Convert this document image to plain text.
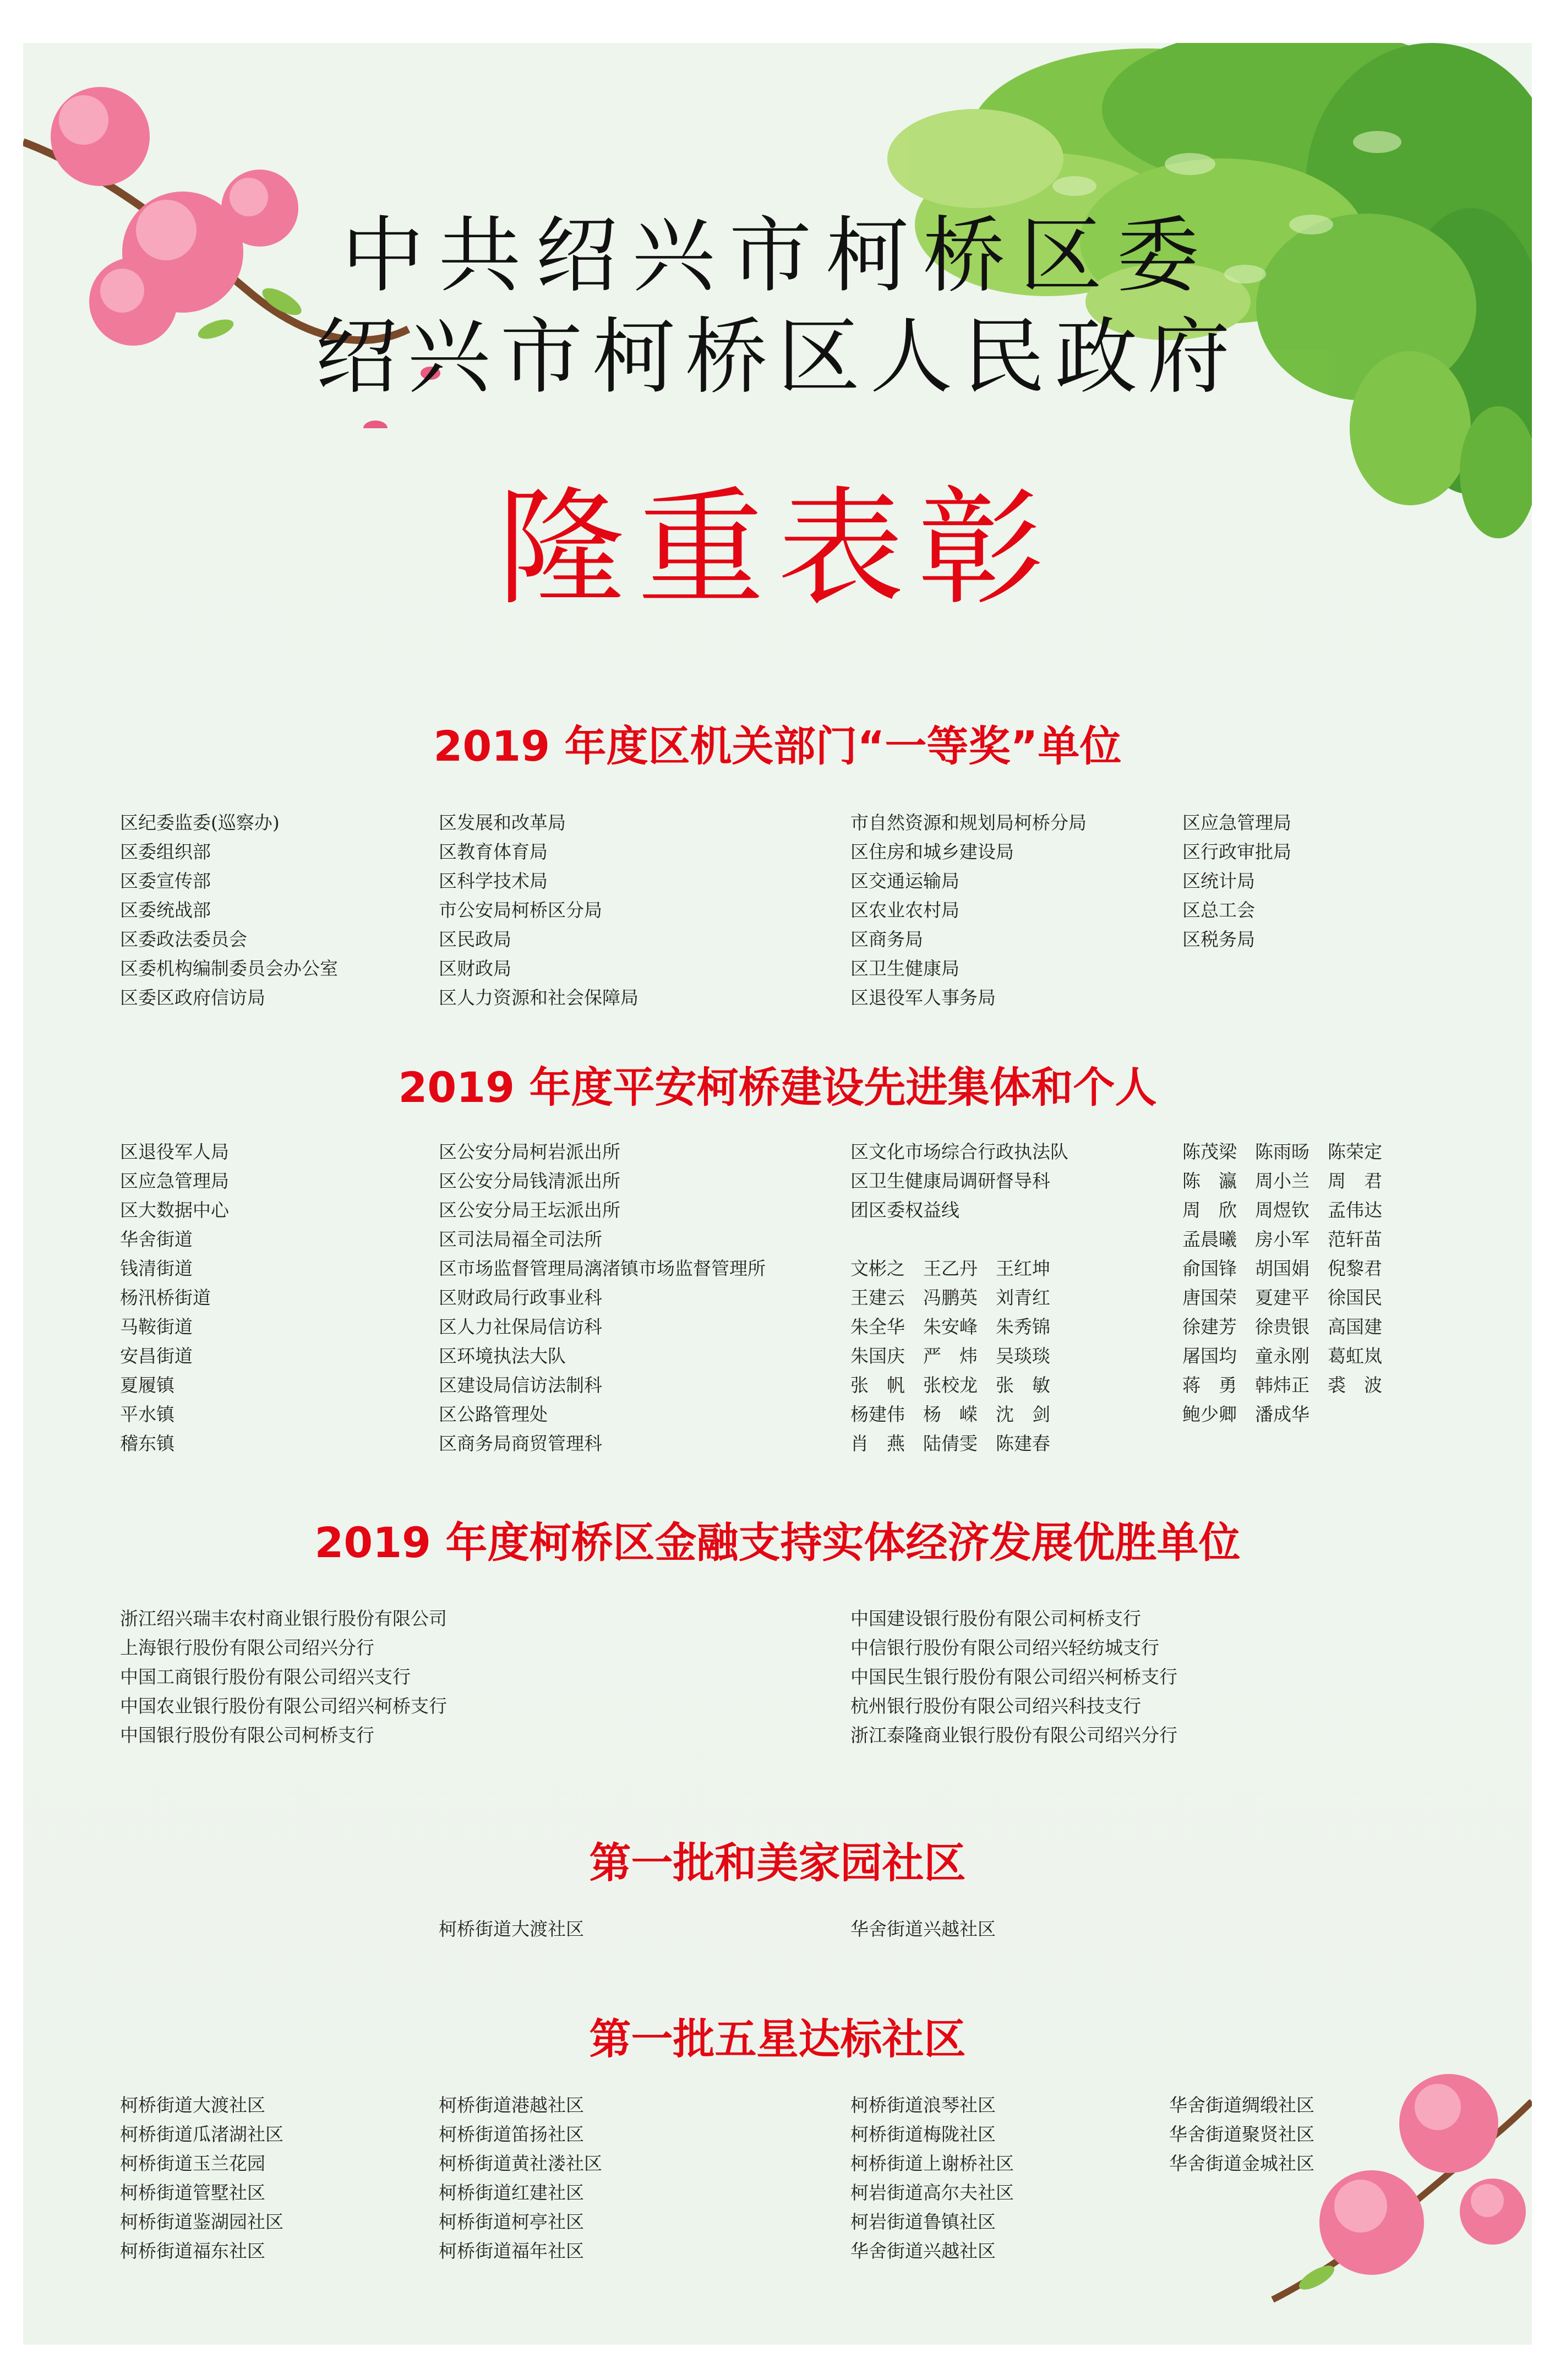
中共绍兴市柯桥区委
绍兴市柯桥区人民政府
隆重表彰
2019 年度区机关部门“一等奖”单位
区纪委监委(巡察办)
区委组织部
区委宣传部
区委统战部
区委政法委员会
区委机构编制委员会办公室
区委区政府信访局
区发展和改革局
区教育体育局
区科学技术局
市公安局柯桥区分局
区民政局
区财政局
区人力资源和社会保障局
市自然资源和规划局柯桥分局
区住房和城乡建设局
区交通运输局
区农业农村局
区商务局
区卫生健康局
区退役军人事务局
区应急管理局
区行政审批局
区统计局
区总工会
区税务局
2019 年度平安柯桥建设先进集体和个人
区退役军人局
区应急管理局
区大数据中心
华舍街道
钱清街道
杨汛桥街道
马鞍街道
安昌街道
夏履镇
平水镇
稽东镇
区公安分局柯岩派出所
区公安分局钱清派出所
区公安分局王坛派出所
区司法局福全司法所
区市场监督管理局漓渚镇市场监督管理所
区财政局行政事业科
区人力社保局信访科
区环境执法大队
区建设局信访法制科
区公路管理处
区商务局商贸管理科
区文化市场综合行政执法队
区卫生健康局调研督导科
团区委权益线
文彬之　王乙丹　王红坤
王建云　冯鹏英　刘青红
朱全华　朱安峰　朱秀锦
朱国庆　严　炜　吴琰琰
张　帆　张校龙　张　敏
杨建伟　杨　嵘　沈　剑
肖　燕　陆倩雯　陈建春
陈茂梁　陈雨旸　陈荣定
陈　瀛　周小兰　周　君
周　欣　周煜钦　孟伟达
孟晨曦　房小军　范轩苗
俞国锋　胡国娟　倪黎君
唐国荣　夏建平　徐国民
徐建芳　徐贵银　高国建
屠国均　童永刚　葛虹岚
蒋　勇　韩炜正　裘　波
鲍少卿　潘成华
2019 年度柯桥区金融支持实体经济发展优胜单位
浙江绍兴瑞丰农村商业银行股份有限公司
上海银行股份有限公司绍兴分行
中国工商银行股份有限公司绍兴支行
中国农业银行股份有限公司绍兴柯桥支行
中国银行股份有限公司柯桥支行
中国建设银行股份有限公司柯桥支行
中信银行股份有限公司绍兴轻纺城支行
中国民生银行股份有限公司绍兴柯桥支行
杭州银行股份有限公司绍兴科技支行
浙江泰隆商业银行股份有限公司绍兴分行
第一批和美家园社区
柯桥街道大渡社区	华舍街道兴越社区
第一批五星达标社区
柯桥街道大渡社区
柯桥街道瓜渚湖社区
柯桥街道玉兰花园
柯桥街道管墅社区
柯桥街道鉴湖园社区
柯桥街道福东社区
柯桥街道港越社区
柯桥街道笛扬社区
柯桥街道黄社溇社区
柯桥街道红建社区
柯桥街道柯亭社区
柯桥街道福年社区
柯桥街道浪琴社区
柯桥街道梅陇社区
柯桥街道上谢桥社区
柯岩街道高尔夫社区
柯岩街道鲁镇社区
华舍街道兴越社区
华舍街道绸缎社区
华舍街道聚贤社区
华舍街道金城社区
